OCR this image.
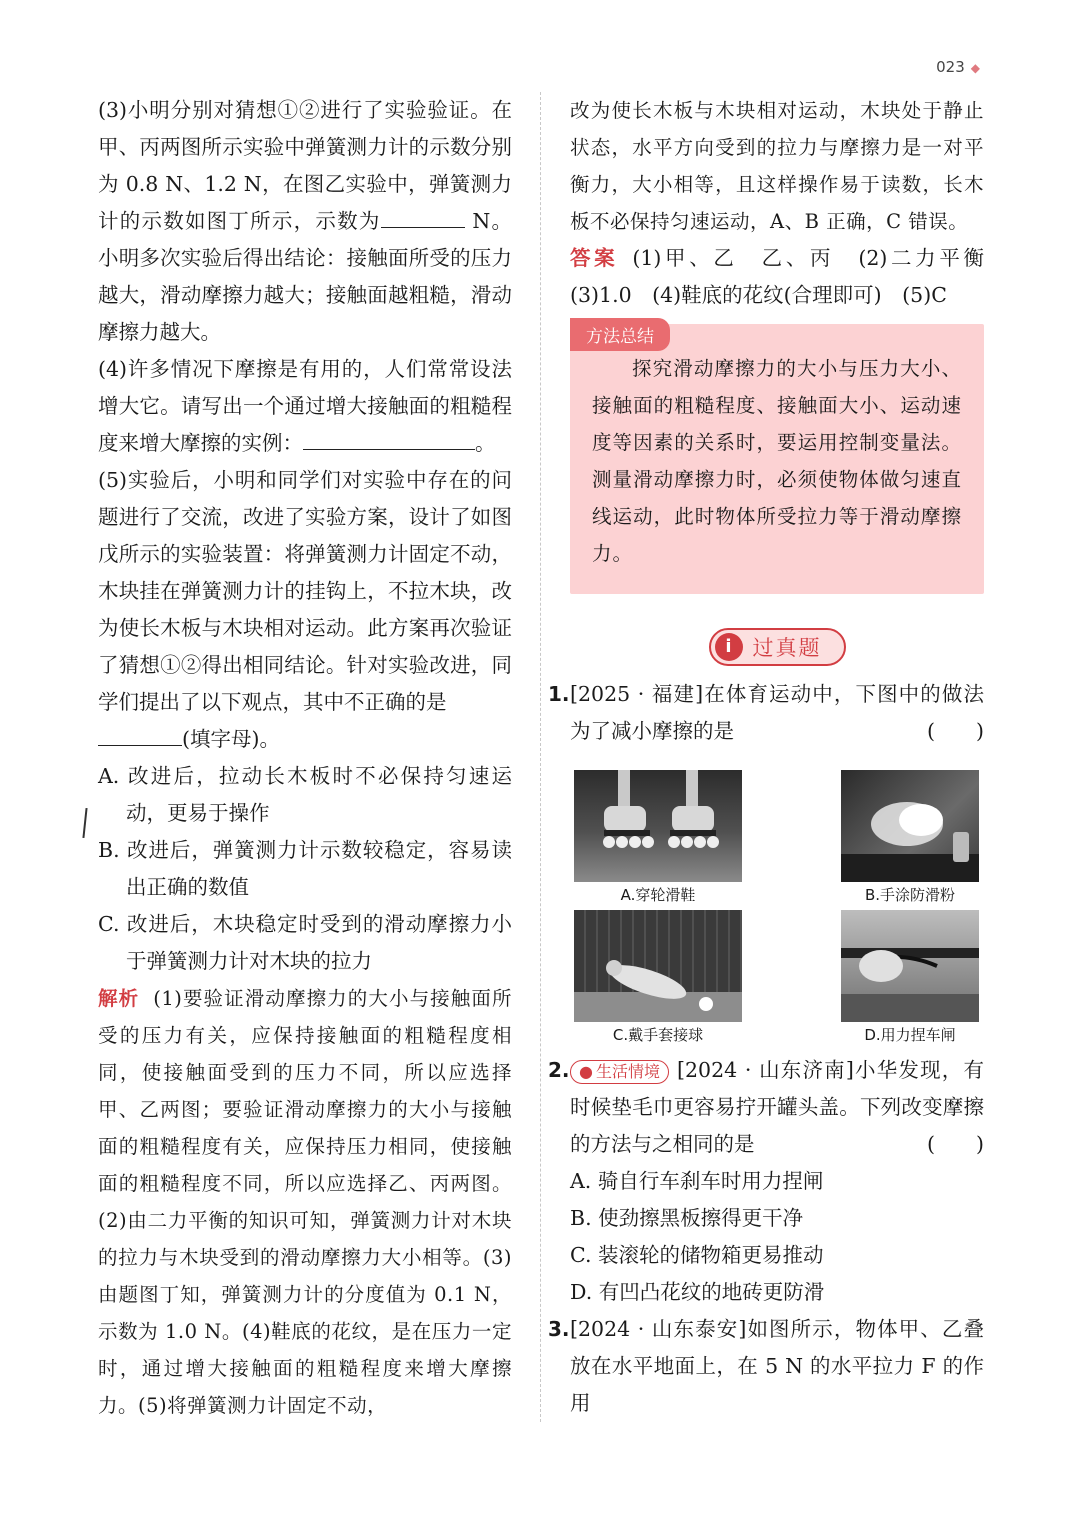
023 ◆

(3)小明分别对猜想①②进行了实验验证。在甲、丙两图所示实验中弹簧测力计的示数分别为 0.8 N、1.2 N，在图乙实验中，弹簧测力计的示数如图丁所示，示数为	N。小明多次实验后得出结论：接触面所受的压力越大，滑动摩擦力越大；接触面越粗糙，滑动摩擦力越大。

(4)许多情况下摩擦是有用的，人们常常设法增大它。请写出一个通过增大接触面的粗糙程度来增大摩擦的实例：	。

(5)实验后，小明和同学们对实验中存在的问题进行了交流，改进了实验方案，设计了如图戊所示的实验装置：将弹簧测力计固定不动，木块挂在弹簧测力计的挂钩上，不拉木块，改为使长木板与木块相对运动。此方案再次验证了猜想①②得出相同结论。针对实验改进，同学们提出了以下观点，其中不正确的是
(填字母)。

A. 改进后，拉动长木板时不必保持匀速运动，更易于操作

B. 改进后，弹簧测力计示数较稳定，容易读出正确的数值

C. 改进后，木块稳定时受到的滑动摩擦力小于弹簧测力计对木块的拉力

解析 (1)要验证滑动摩擦力的大小与接触面所受的压力有关，应保持接触面的粗糙程度相同，使接触面受到的压力不同，所以应选择甲、乙两图；要验证滑动摩擦力的大小与接触面的粗糙程度有关，应保持压力相同，使接触面的粗糙程度不同，所以应选择乙、丙两图。(2)由二力平衡的知识可知，弹簧测力计对木块的拉力与木块受到的滑动摩擦力大小相等。(3)由题图丁知，弹簧测力计的分度值为 0.1 N，示数为 1.0 N。(4)鞋底的花纹，是在压力一定时，通过增大接触面的粗糙程度来增大摩擦力。(5)将弹簧测力计固定不动，

改为使长木板与木块相对运动，木块处于静止状态，水平方向受到的拉力与摩擦力是一对平衡力，大小相等，且这样操作易于读数，长木板不必保持匀速运动，A、B 正确，C 错误。

答案 (1)甲、乙　乙、丙　(2)二力平衡　(3)1.0　(4)鞋底的花纹(合理即可)　(5)C

方法总结

探究滑动摩擦力的大小与压力大小、接触面的粗糙程度、接触面大小、运动速度等因素的关系时，要运用控制变量法。测量滑动摩擦力时，必须使物体做匀速直线运动，此时物体所受拉力等于滑动摩擦力。

i 过真题
1. [2025 · 福建]在体育运动中，下图中的做法为了减小摩擦的是	(　　)

A.穿轮滑鞋	B.手涂防滑粉
C.戴手套接球	D.用力捏车闸
2. ● 生活情境 [2024 · 山东济南]小华发现，有时候垫毛巾更容易拧开罐头盖。下列改变摩擦的方法与之相同的是	(　　)

A. 骑自行车刹车时用力捏闸

B. 使劲擦黑板擦得更干净

C. 装滚轮的储物箱更易推动

D. 有凹凸花纹的地砖更防滑

3. [2024 · 山东泰安]如图所示，物体甲、乙叠放在水平地面上，在 5 N 的水平拉力 F 的作用
